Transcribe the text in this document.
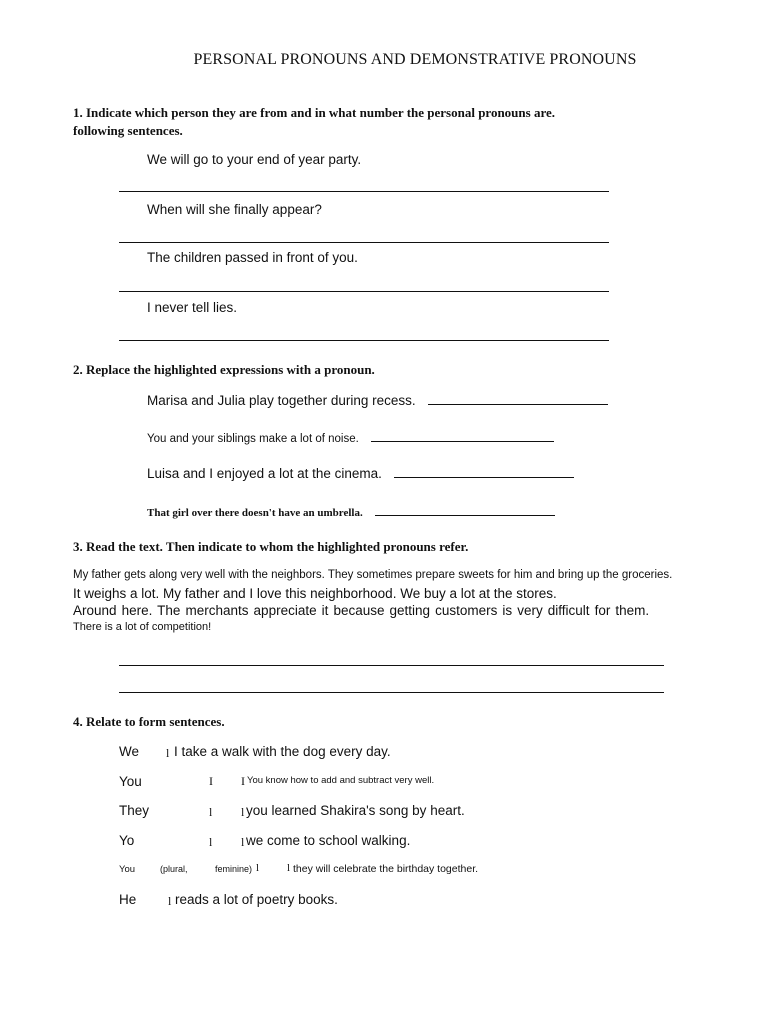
PERSONAL PRONOUNS AND DEMONSTRATIVE PRONOUNS
1. Indicate which person they are from and in what number the personal pronouns are.
following sentences.
We will go to your end of year party.
When will she finally appear?
The children passed in front of you.
I never tell lies.
2. Replace the highlighted expressions with a pronoun.
Marisa and Julia play together during recess.
You and your siblings make a lot of noise.
Luisa and I enjoyed a lot at the cinema.
That girl over there doesn't have an umbrella.
3. Read the text. Then indicate to whom the highlighted pronouns refer.
My father gets along very well with the neighbors. They sometimes prepare sweets for him and bring up the groceries.
It weighs a lot. My father and I love this neighborhood. We buy a lot at the stores.
Around here. The merchants appreciate it because getting customers is very difficult for them.
There is a lot of competition!
4. Relate to form sentences.
We l I take a walk with the dog every day.
You	I I You know how to add and subtract very well.
They	l l you learned Shakira's song by heart.
Yo	l l we come to school walking.
You	(plural,	feminine) l	l they will celebrate the birthday together.
He	l reads a lot of poetry books.
